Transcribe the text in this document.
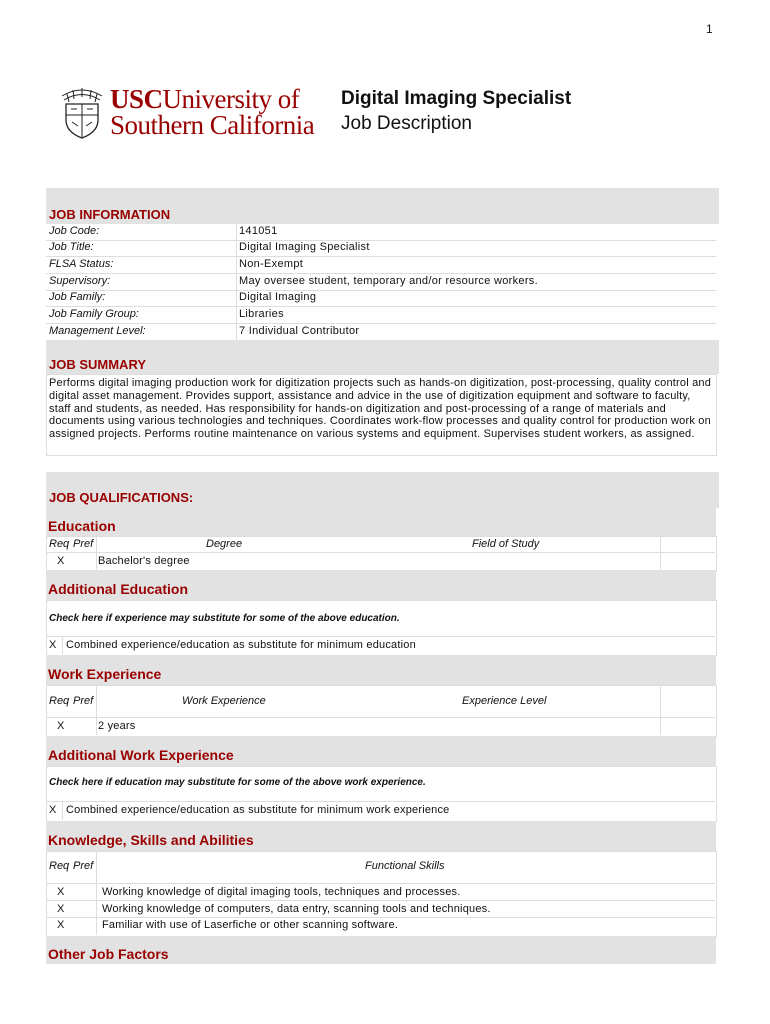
1
USCUniversity of
Southern California
Digital Imaging Specialist
Job Description
JOB INFORMATION
Job Code:	141051
Job Title:	Digital Imaging Specialist
FLSA Status:	Non-Exempt
Supervisory:	May oversee student, temporary and/or resource workers.
Job Family:	Digital Imaging
Job Family Group:	Libraries
Management Level:	7 Individual Contributor
JOB SUMMARY
Performs digital imaging production work for digitization projects such as hands-on digitization, post-processing, quality control and digital asset management. Provides support, assistance and advice in the use of digitization equipment and software to faculty, staff and students, as needed. Has responsibility for hands-on digitization and post-processing of a range of materials and documents using various technologies and techniques. Coordinates work-flow processes and quality control for production work on assigned projects. Performs routine maintenance on various systems and equipment. Supervises student workers, as assigned.
JOB QUALIFICATIONS:
Education
Req Pref	Degree	Field of Study
X	Bachelor's degree
Additional Education
Check here if experience may substitute for some of the above education.
X Combined experience/education as substitute for minimum education
Work Experience
Req Pref	Work Experience	Experience Level
X	2 years
Additional Work Experience
Check here if education may substitute for some of the above work experience.
X Combined experience/education as substitute for minimum work experience
Knowledge, Skills and Abilities
Req Pref	Functional Skills
X	Working knowledge of digital imaging tools, techniques and processes.
X	Working knowledge of computers, data entry, scanning tools and techniques.
X	Familiar with use of Laserfiche or other scanning software.
Other Job Factors
